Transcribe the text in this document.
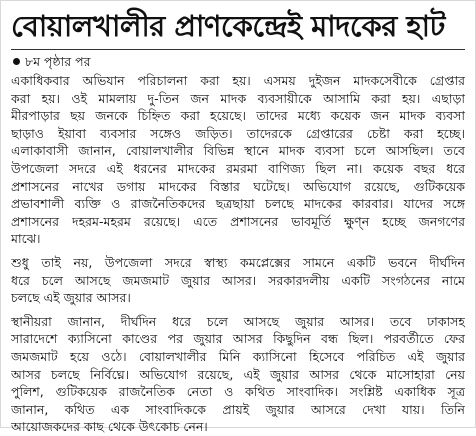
বোয়ালখালীর প্রাণকেন্দ্রেই মাদকের হাট
৮ম পৃষ্ঠার পর
একাধিকবার অভিযান পরিচালনা করা হয়। এসময় দুইজন মাদকসেবীকে গ্রেপ্তার
করা হয়। ওই মামলায় দু-তিন জন মাদক ব্যবসায়ীকে আসামি করা হয়। এছাড়া
মীরপাড়ার ছয় জনকে চিহ্নিত করা হয়েছে। তাদের মধ্যে কয়েক জন মাদক ব্যবসা
ছাড়াও ইয়াবা ব্যবসার সঙ্গেও জড়িত। তাদেরকে গ্রেপ্তারের চেষ্টা করা হচ্ছে।
এলাকাবাসী জানান, বোয়ালখালীর বিভিন্ন স্থানে মাদক ব্যবসা চলে আসছিল। তবে
উপজেলা সদরে এই ধরনের মাদকের রমরমা বাণিজ্য ছিল না। কয়েক বছর ধরে
প্রশাসনের নাখের ডগায় মাদকের বিস্তার ঘটেছে। অভিযোগ রয়েছে, গুটিকয়েক
প্রভাবশালী ব্যক্তি ও রাজনৈতিকদের ছত্রছায়া চলছে মাদকের কারবার। যাদের সঙ্গে
প্রশাসনের দহরম-মহরম রয়েছে। এতে প্রশাসনের ভাবমূর্তি ক্ষুণ্ন হচ্ছে জনগণের
মাঝে।
শুধু তাই নয়, উপজেলা সদরে স্বাস্থ্য কমপ্লেক্সের সামনে একটি ভবনে দীর্ঘদিন
ধরে চলে আসছে জমজমাট জুয়ার আসর। সরকারদলীয় একটি সংগঠনের নামে
চলছে এই জুয়ার আসর।
স্থানীয়রা জানান, দীর্ঘদিন ধরে চলে আসছে জুয়ার আসর। তবে ঢাকাসহ
সারাদেশে ক্যাসিনো কাণ্ডের পর জুয়ার আসর কিছুদিন বন্ধ ছিল। পরবর্তীতে ফের
জমজমাট হয়ে ওঠে। বোয়ালখালীর মিনি ক্যাসিনো হিসেবে পরিচিত এই জুয়ার
আসর চলছে নির্বিঘ্নে। অভিযোগ রয়েছে, এই জুয়ার আসর থেকে মাসোহারা নেয়
পুলিশ, গুটিকয়েক রাজনৈতিক নেতা ও কথিত সাংবাদিক। সংশ্লিষ্ট একাধিক সূত্র
জানান, কথিত এক সাংবাদিককে প্রায়ই জুয়ার আসরে দেখা যায়। তিনি
আয়োজকদের কাছ থেকে উৎকোচ নেন।
